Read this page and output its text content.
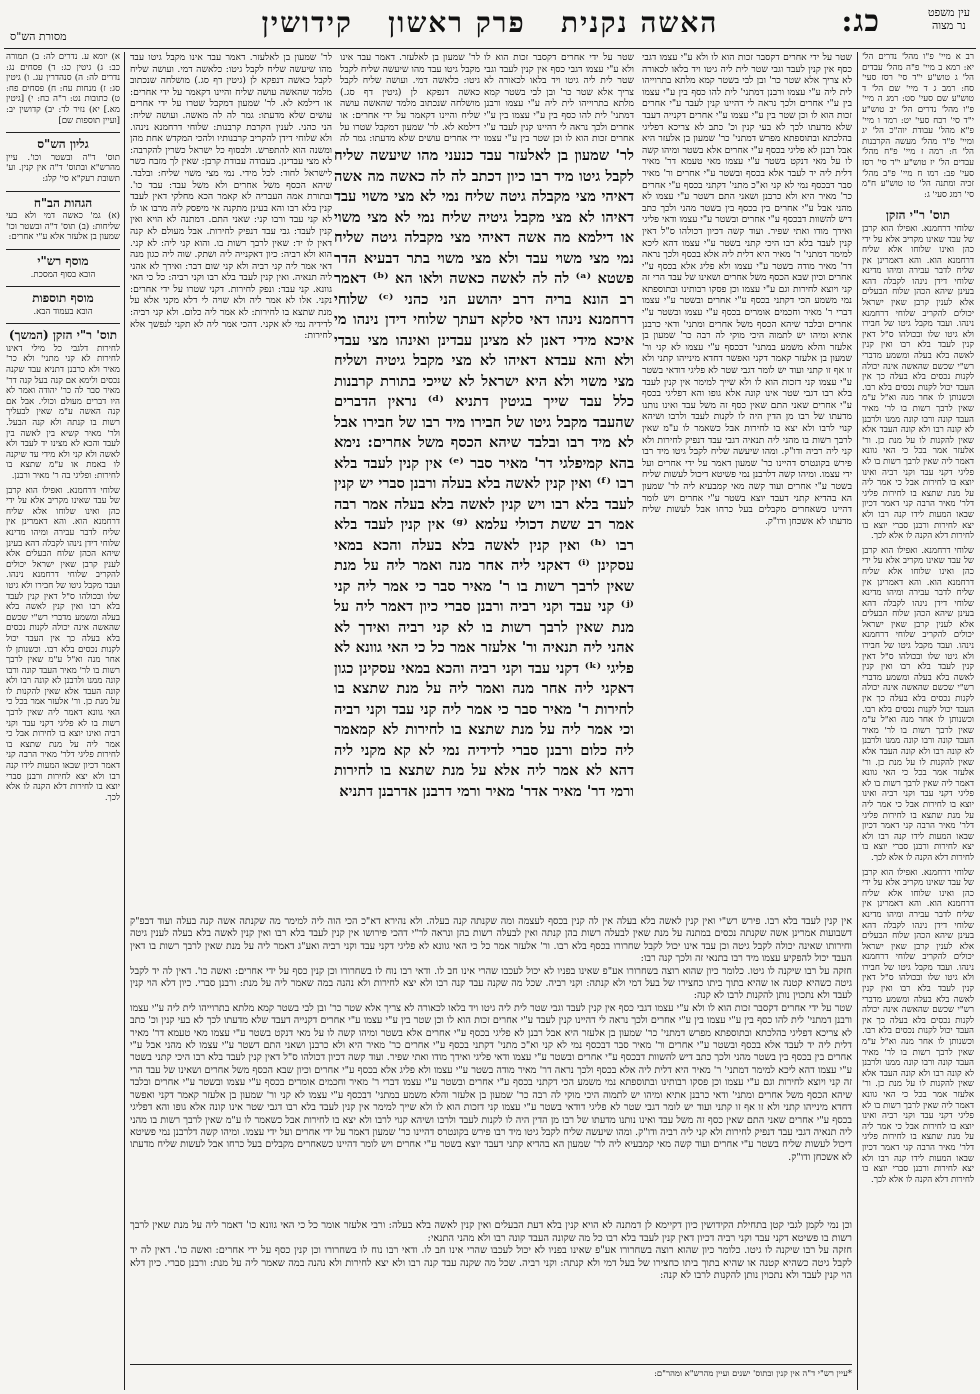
עין משפט
נר מצוה
כג:
האשה נקנית   פרק ראשון   קידושין
מסורת הש"ס

רב א מיי' פ"ו מהל' נדרים הל' יא: רמא ב מיי' פ"ה מהל' עבדים הל' ג טוש"ע י"ד סי' רסז סעי' סח: רמב ג ד מיי' שם הל' ד טוש"ע שם סעי' סט: רמג ה מיי' פ"ו מהל' נדרים הל' יב טוש"ע י"ד סי' רכח סעי' יט: רמד ו מיי' פ"א מהל' עבודת יוה"כ הל' יג ומיי' פ"ד מהל' מעשה הקרבנות הל' ח: רמה ז מיי' פ"ח מהל' עבדים הל' יז טוש"ע י"ד סי' רסז סעי' פב: רמו ח מיי' פ"ב מהל' זכיה ומתנה הל' טו טוש"ע ח"מ סי' רמג סעי' ג:

תוס' ר"י הזקן

שלוחי דרחמנא. ואפילו הוא קרבן של עבד שאינו מקריב אלא על ידי כהן ואינו שלוחו אלא שליח דרחמנא הוא. והא דאמרינן אין שליח לדבר עבירה ומיהו מדינא שלוחי דידן נינהו לקבלה דהא בעינן שיהא הכהן שלוח הבעלים אלא לענין קרבן שאין ישראל יכולים להקריב שלוחי דרחמנא נינהו. ועבד מקבל גיטו של חבירו ולא גיטו שלו ובכולהו ס"ל דאין קנין לעבד בלא רבו ואין קנין לאשה בלא בעלה ומשמע מדברי רש"י שכשם שהאשה אינה יכולה לקנות נכסים בלא בעלה כך אין העבד יכול לקנות נכסים בלא רבו. וכשנותן לו אחר מנה וא"ל ע"מ שאין לרבך רשות בו לר' מאיר העבד קונה ורבו קונה ממנו ולרבנן לא קונה רבו ולא קונה העבד אלא שאין להקנות לו על מנת כן. ור' אלעזר אמר בכל כי האי גוונא דאמר ליה שאין לרבך רשות בו לא פליגי דקני עבד וקני רביה ואינו יוצא בו לחירות אבל כי אמר ליה על מנת שתצא בו לחירות פליגי דלר' מאיר הרבה קני דאמר דכיון שבאו המעות לידו קנה רבו ולא יצא לחירות ורבנן סברי יוצא בו לחירות דלא הקנה לו אלא לכך.

שלוחי דרחמנא. ואפילו הוא קרבן של עבד שאינו מקריב אלא על ידי כהן ואינו שלוחו אלא שליח דרחמנא הוא. והא דאמרינן אין שליח לדבר עבירה ומיהו מדינא שלוחי דידן נינהו לקבלה דהא בעינן שיהא הכהן שלוח הבעלים אלא לענין קרבן שאין ישראל יכולים להקריב שלוחי דרחמנא נינהו. ועבד מקבל גיטו של חבירו ולא גיטו שלו ובכולהו ס"ל דאין קנין לעבד בלא רבו ואין קנין לאשה בלא בעלה ומשמע מדברי רש"י שכשם שהאשה אינה יכולה לקנות נכסים בלא בעלה כך אין העבד יכול לקנות נכסים בלא רבו. וכשנותן לו אחר מנה וא"ל ע"מ שאין לרבך רשות בו לר' מאיר העבד קונה ורבו קונה ממנו ולרבנן לא קונה רבו ולא קונה העבד אלא שאין להקנות לו על מנת כן. ור' אלעזר אמר בכל כי האי גוונא דאמר ליה שאין לרבך רשות בו לא פליגי דקני עבד וקני רביה ואינו יוצא בו לחירות אבל כי אמר ליה על מנת שתצא בו לחירות פליגי דלר' מאיר הרבה קני דאמר דכיון שבאו המעות לידו קנה רבו ולא יצא לחירות ורבנן סברי יוצא בו לחירות דלא הקנה לו אלא לכך.

שלוחי דרחמנא. ואפילו הוא קרבן של עבד שאינו מקריב אלא על ידי כהן ואינו שלוחו אלא שליח דרחמנא הוא. והא דאמרינן אין שליח לדבר עבירה ומיהו מדינא שלוחי דידן נינהו לקבלה דהא בעינן שיהא הכהן שלוח הבעלים אלא לענין קרבן שאין ישראל יכולים להקריב שלוחי דרחמנא נינהו. ועבד מקבל גיטו של חבירו ולא גיטו שלו ובכולהו ס"ל דאין קנין לעבד בלא רבו ואין קנין לאשה בלא בעלה ומשמע מדברי רש"י שכשם שהאשה אינה יכולה לקנות נכסים בלא בעלה כך אין העבד יכול לקנות נכסים בלא רבו. וכשנותן לו אחר מנה וא"ל ע"מ שאין לרבך רשות בו לר' מאיר העבד קונה ורבו קונה ממנו ולרבנן לא קונה רבו ולא קונה העבד אלא שאין להקנות לו על מנת כן. ור' אלעזר אמר בכל כי האי גוונא דאמר ליה שאין לרבך רשות בו לא פליגי דקני עבד וקני רביה ואינו יוצא בו לחירות אבל כי אמר ליה על מנת שתצא בו לחירות פליגי דלר' מאיר הרבה קני דאמר דכיון שבאו המעות לידו קנה רבו ולא יצא לחירות ורבנן סברי יוצא בו לחירות דלא הקנה לו אלא לכך.

שטר על ידי אחרים דקסבר זכות הוא לו ולא ע"י עצמו דגבי כסף אין קנין לעבד וגבי שטר לית ליה גיטו ויד בלאו לכאורה לא צריך אלא שטר כר' ובן לבי בשטר קמא מלתא בתרוייהו לית ליה ע"י עצמו ורבנן דמתני' לית להו כסף בין ע"י עצמו בין ע"י אחרים ולכך נראה לי דהיינו קנין לעבד ע"י אחרים זכות הוא לו וכן שטר בין ע"י עצמו ע"י אחרים דקנייה דעבד שלא מדעתו לכך לא בעי קנין וכ' כתב לא צריכא דפליגי בהלכתא ובתוספתא מפרש דמתני' כר' שמעון בן אלעזר היא אבל רבנן לא פליגי בכסף ע"י אחרים אלא בשטר ומיהו קשה לו על מאי דנקט בשטר ע"י עצמו מאי טעמא דר' מאיר דלית ליה יד לעבד אלא בכסף ובשטר ע"י אחרים ור' מאיר סבר דבכסף נמי לא קני וא"כ מתני' דקתני בכסף ע"י אחרים כר' מאיר היא ולא כרבנן ושאני התם דשטר ע"י עצמו לא מהני אבל ע"י אחרים בין בכסף בין בשטר מהני ולכך כתב דיש להשוות דבכסף ע"י אחרים ובשטר ע"י עצמו ודאי פליגי ואידך מודו ואתי שפיר. ועוד קשה דכיון דכולהו ס"ל דאין קנין לעבד בלא רבו היכי קתני בשטר ע"י עצמו דהא ליכא למימר דמתני' ר' מאיר היא דלית ליה אלא בכסף ולכך נראה דר' מאיר מודה בשטר ע"י עצמו ולא פליג אלא בכסף ע"י אחרים וכיון שבא הכסף משל אחרים ושאינו של עבד הרי זה קני ויוצא לחירות וגם ע"י עצמו וכן פסקו רבותינו ובתוספתא נמי משמע הכי דקתני בכסף ע"י אחרים ובשטר ע"י עצמו דברי ר' מאיר וחכמים אומרים בכסף ע"י עצמו ובשטר ע"י אחרים ובלבד שיהא הכסף משל אחרים ומתני' ודאי כרבנן אתיא ומיהו יש לתמוה היכי מוקי לה רבה כר' שמעון בן אלעזר והלא משמע במתני' דבכסף ע"י עצמו לא קני ור' שמעון בן אלעזר קאמר דקני ואפשר דחדא מינייהו קתני ולא זו אף זו קתני ועוד יש לומר דגבי שטר לא פליגי דודאי בשטר ע"י עצמו קני דזכות הוא לו ולא שייך למימר אין קנין לעבד בלא רבו דגבי שטר אינו קונה אלא גופו והא דפליגי בכסף ע"י אחרים שאני התם שאין כסף זה משל עבד ואינו נותנו מדעתו של רבו מן הדין היה לו לקנות לעבד ולרבו ושיהא קנוי לרבו ולא יצא בו לחירות אבל כשאמר לו ע"מ שאין לרבך רשות בו מהני ליה תנאיה דגבי עבד דנפיק לחירות ולא קני ליה רביה ודו"ק. ומהו שיעשה שליח לקבל גיטו מיד רבו פירש בקונטרס דהיינו כר' שמעון דאמר על ידי אחרים ועל ידי עצמו. ומיהו קשה דלרבנן נמי פשיטא דיכול לעשות שליח בשטר ע"י אחרים ועוד קשה מאי קמבעיא ליה לר' שמעון הא בהדיא קתני דעבד יוצא בשטר ע"י אחרים ויש לומר דהיינו כשאחרים מקבלים בעל כרחו אבל לעשות שליח מדעתו לא אשכחן ודו"ק.

לר' שמעון בן לאלעזר עבד כנעני מהו שיעשה שליח לקבל גיטו מיד רבו כיון דכתב לה לה כאשה מה אשה דאיהי מצי מקבלה גיטה שליח נמי לא מצי משוי עבד דאיהו לא מצי מקבל גיטיה שליח נמי לא מצי משוי או דילמא מה אשה דאיהי מצי מקבלה גיטה שליח נמי מצי משוי עבד ולא מצי משוי בתר דבעיא הדר פשטא ⁽ᵃ⁾ לה לה לאשה כאשה ולאו הא ⁽ᵇ⁾ דאמר רב הונא בריה דרב יהושע הני כהני ⁽ᶜ⁾ שלוחי דרחמנא נינהו דאי סלקא דעתך שלוחי דידן נינהו מי איכא מידי דאנן לא מצינן עבדינן ואינהו מצי עבדי ולא והא עבדא דאיהו לא מצי מקבל גיטיה ושליח מצי משוי ולא היא ישראל לא שייכי בתורת קרבנות כלל עבד שייך בגיטין דתניא ⁽ᵈ⁾ נראין הדברים שהעבד מקבל גיטו של חבירו מיד רבו של חבירו אבל לא מיד רבו ובלבד שיהא הכסף משל אחרים: נימא בהא קמיפלגי דר' מאיר סבר ⁽ᵉ⁾ אין קנין לעבד בלא רבו ⁽ᶠ⁾ ואין קנין לאשה בלא בעלה ורבנן סברי יש קנין לעבד בלא רבו ויש קנין לאשה בלא בעלה אמר רבה אמר רב ששת דכולי עלמא ⁽ᵍ⁾ אין קנין לעבד בלא רבו ⁽ʰ⁾ ואין קנין לאשה בלא בעלה והכא במאי עסקינן ⁽ⁱ⁾ דאקני ליה אחר מנה ואמר ליה על מנת שאין לרבך רשות בו ר' מאיר סבר כי אמר ליה קני ⁽ʲ⁾ קני עבד וקני רביה ורבנן סברי כיון דאמר ליה על מנת שאין לרבך רשות בו לא קני רביה ואידך לא אהני ליה תנאיה ור' אלעזר אמר כל כי האי גוונא לא פליגי ⁽ᵏ⁾ דקני עבד וקני רביה והכא במאי עסקינן כגון דאקני ליה אחר מנה ואמר ליה על מנת שתצא בו לחירות ר' מאיר סבר כי אמר ליה קני עבד וקני רביה וכי אמר ליה על מנת שתצא בו לחירות לא קמאמר ליה כלום ורבנן סברי לדידיה נמי לא קא מקני ליה דהא לא אמר ליה אלא על מנת שתצא בו לחירות ורמי דר' מאיר אדר' מאיר ורמי דרבנן אדרבנן דתניא

לר' שמעון בן לאלעזר. דאמר עבד אינו מקבל גיטו עבד מהו שיעשה שליח לקבל גיטו: כלאשה דמי. ועושה שליח לקבל כאשה דנפקא לן (גיטין דף סג.) מושלחה שנכתוב מלמד שהאשה עושה שליח והיינו דקאמר על ידי אחרים: או דילמא לא. לר' שמעון דמקבל שטרו על ידי אחרים עושים שלא מדעתו: גמר לה לה מאשה. ועושה שליח: הני כהני. לענין הקרבת קרבנות: שלוחי דרחמנא נינהו. ולא שלוחי דידן להקריב קרבנותיו ולהכי המקדש אחת מהן ומשנה הוא להתפרש. ולבסוף כל ישראל כשרין להקרבה: לא מצי עבדינן. בעבודה עבודת קרבן: שאין לך מזבח כשר לישראל לחוד: לכל מידי. נמי מצי משוי שליח: ובלבד. שיהא הכסף משל אחרים ולא משל עבד: עבד כו'. ובתורת אמה העבריה לא קאמר הכא מחלקי דאין לעבד קנין בלא רבו והא בעינן מתקנה אי מיפסק ליה מרבו או לו לא קני עבד ורבו קני: שאני התם. דמתנה לא הויא ואין קנין לעבד: גבי עבד דנפיק לחירות. אבל מעולם לא קנה דאין לו יד: שאין לרבך רשות בו. והוא קני ליה: לא קני. הוא ולא רביה: כיון דאקנייה ליה ושתק. שוה ליה כגון מנה דאי אמר ליה קני רביה ולא קני שום דבר: ואידך לא אהני ליה תנאיה. ואין קנין לעבד בלא רבו וקני רביה: כל כי האי גוונא. קני עבד: ונפק לחירות. דקני שטרו על ידי אחרים: נקני. אלו לא אמר ליה ולא שויה לי דלא מקני אלא על מנת שתצא בו לחירות: לא אמר ליה כלום. ולא קני רביה: לדידיה נמי לא אקני. דהכי אמר ליה לא תקני לנפשך אלא לחירות:

שטר על ידי אחרים דקסבר זכות הוא לו ולא ע"י עצמו דגבי כסף אין קנין לעבד וגבי שטר לית ליה גיטו ויד בלאו לכאורה לא צריך אלא שטר כר' ובן לבי בשטר קמא מלתא בתרוייהו לית ליה ע"י עצמו ורבנן דמתני' לית להו כסף בין ע"י עצמו בין ע"י אחרים ולכך נראה לי דהיינו קנין לעבד ע"י אחרים זכות הוא לו וכן שטר בין ע"י עצמו

לר' שמעון בן לאלעזר. דאמר עבד אינו מקבל גיטו עבד מהו שיעשה שליח לקבל גיטו: כלאשה דמי. ועושה שליח לקבל כאשה דנפקא לן (גיטין דף סג.) מושלחה שנכתוב מלמד שהאשה עושה שליח והיינו דקאמר על ידי אחרים: או דילמא לא. לר' שמעון דמקבל שטרו על ידי אחרים עושים שלא מדעתו: גמר לה

א) יומא ע. נדרים לה: ב) תמורה כב: ג) גיטין כג: ד) פסחים נג: נדרים לה: ה) סנהדרין עג. ו) גיטין סג: ז) מנחות עח: ח) פסחים פח: ט) כתובות נט: ר"ה כח: י) [גיטין מא.] יא) נזיר לד: יב) קדושין יב: [ועיין תוספות שם]

גליון הש"ס

תוס' ד"ה ובשטר וכו'. עיין מהרש"א ובתוס' ד"ה אין קנין. וע' תשובת רעק"א סי' קלג:

הגהות הב"ח

(א) גמ' כאשה דמי ולא בעי שליחות: (ב) תוס' ד"ה ובשטר וכו' שמעון בן אלעזר אלא ע"י אחרים:

מוסף רש"י

הובא בסוף המסכת.

מוסף תוספות

הובא בעמוד הבא.

תוס' ר"י הזקן (המשך)

לחירות דלגבי כל מילי דאינו לחירות לא קני מתני' ולא כר' מאיר ולא כרבנן דתניא עבד שקנה נכסים ולימא אם קנה בעל קנה דר' מאיר סבר לה כר' יהודה ואמר לא היו דברים מעולם וכולי. אבל אם קנה האשה ע"מ שאין לבעליך רשות בו קנתה ולא קנה הבעל. ולר' מאיר קשיא בין לאשה בין לעבד והכא לא מצינו יד לעבד ולא לאשה ולא קני ולא מידי עד שיקנה לו באמת או ע"מ שתצא בו לחירות: ופליגי בה ר' מאיר ורבנן.

שלוחי דרחמנא. ואפילו הוא קרבן של עבד שאינו מקריב אלא על ידי כהן ואינו שלוחו אלא שליח דרחמנא הוא. והא דאמרינן אין שליח לדבר עבירה ומיהו מדינא שלוחי דידן נינהו לקבלה דהא בעינן שיהא הכהן שלוח הבעלים אלא לענין קרבן שאין ישראל יכולים להקריב שלוחי דרחמנא נינהו. ועבד מקבל גיטו של חבירו ולא גיטו שלו ובכולהו ס"ל דאין קנין לעבד בלא רבו ואין קנין לאשה בלא בעלה ומשמע מדברי רש"י שכשם שהאשה אינה יכולה לקנות נכסים בלא בעלה כך אין העבד יכול לקנות נכסים בלא רבו. וכשנותן לו אחר מנה וא"ל ע"מ שאין לרבך רשות בו לר' מאיר העבד קונה ורבו קונה ממנו ולרבנן לא קונה רבו ולא קונה העבד אלא שאין להקנות לו על מנת כן. ור' אלעזר אמר בכל כי האי גוונא דאמר ליה שאין לרבך רשות בו לא פליגי דקני עבד וקני רביה ואינו יוצא בו לחירות אבל כי אמר ליה על מנת שתצא בו לחירות פליגי דלר' מאיר הרבה קני דאמר דכיון שבאו המעות לידו קנה רבו ולא יצא לחירות ורבנן סברי יוצא בו לחירות דלא הקנה לו אלא לכך.

אין קנין לעבד בלא רבו. פירש רש"י ואין קנין לאשה בלא בעלה אין לה קנין בכסף לעצמה ומה שקנתה קנה בעלה. ולא נהירא דא"כ הכי הוה ליה למימר מה שקנתה אשה קנה בעלה ועוד דבפ"ק דשבועות אמרינן אשה שקנתה נכסים במתנה על מנת שאין לבעלה רשות בהן קנתה ואין לבעלה רשות בהן ונראה לר"י דהכי פירושו אין קנין לעבד בלא רבו ואין קנין לאשה בלא בעלה לענין גיטה וחירותו שאינה יכולה לקבל גיטה וכן עבד אינו יכול לקבל שחרורו בכסף בלא רבו. ור' אלעזר אמר כל כי האי גוונא לא פליגי דקני עבד וקני רביה ואע"ג דאמר ליה על מנת שאין לרבך רשות בו דאין העבד יכול להפקיע עצמו מיד רבו בתנאי זה ולכך קנה רבו:

חזקה על רבו שיקנה לו גיטו. כלומר כיון שהוא רוצה בשחרורו אע"פ שאינו בפניו לא יכול לעכבו שהרי אינו חב לו. ודאי רבו נוח לו בשחרורו וכן קנין כסף על ידי אחרים: ואשה כו'. דאין לה יד לקבל גיטה כשהיא קטנה או שהיא בתוך ביתו כחצירו של בעל דמי ולא קנתה: וקני רביה. שכל מה שקנה עבד קנה רבו ולא יצא לחירות ולא נהנה במה שאמר ליה על מנת: ורבנן סברי. כיון דלא הוי קנין לעבד ולא נתכוין נותן להקנות לרבו לא קנה:

שטר על ידי אחרים דקסבר זכות הוא לו ולא ע"י עצמו דגבי כסף אין קנין לעבד וגבי שטר לית ליה גיטו ויד בלאו לכאורה לא צריך אלא שטר כר' ובן לבי בשטר קמא מלתא בתרוייהו לית ליה ע"י עצמו ורבנן דמתני' לית להו כסף בין ע"י עצמו בין ע"י אחרים ולכך נראה לי דהיינו קנין לעבד ע"י אחרים זכות הוא לו וכן שטר בין ע"י עצמו ע"י אחרים דקנייה דעבד שלא מדעתו לכך לא בעי קנין וכ' כתב לא צריכא דפליגי בהלכתא ובתוספתא מפרש דמתני' כר' שמעון בן אלעזר היא אבל רבנן לא פליגי בכסף ע"י אחרים אלא בשטר ומיהו קשה לו על מאי דנקט בשטר ע"י עצמו מאי טעמא דר' מאיר דלית ליה יד לעבד אלא בכסף ובשטר ע"י אחרים ור' מאיר סבר דבכסף נמי לא קני וא"כ מתני' דקתני בכסף ע"י אחרים כר' מאיר היא ולא כרבנן ושאני התם דשטר ע"י עצמו לא מהני אבל ע"י אחרים בין בכסף בין בשטר מהני ולכך כתב דיש להשוות דבכסף ע"י אחרים ובשטר ע"י עצמו ודאי פליגי ואידך מודו ואתי שפיר. ועוד קשה דכיון דכולהו ס"ל דאין קנין לעבד בלא רבו היכי קתני בשטר ע"י עצמו דהא ליכא למימר דמתני' ר' מאיר היא דלית ליה אלא בכסף ולכך נראה דר' מאיר מודה בשטר ע"י עצמו ולא פליג אלא בכסף ע"י אחרים וכיון שבא הכסף משל אחרים ושאינו של עבד הרי זה קני ויוצא לחירות וגם ע"י עצמו וכן פסקו רבותינו ובתוספתא נמי משמע הכי דקתני בכסף ע"י אחרים ובשטר ע"י עצמו דברי ר' מאיר וחכמים אומרים בכסף ע"י עצמו ובשטר ע"י אחרים ובלבד שיהא הכסף משל אחרים ומתני' ודאי כרבנן אתיא ומיהו יש לתמוה היכי מוקי לה רבה כר' שמעון בן אלעזר והלא משמע במתני' דבכסף ע"י עצמו לא קני ור' שמעון בן אלעזר קאמר דקני ואפשר דחדא מינייהו קתני ולא זו אף זו קתני ועוד יש לומר דגבי שטר לא פליגי דודאי בשטר ע"י עצמו קני דזכות הוא לו ולא שייך למימר אין קנין לעבד בלא רבו דגבי שטר אינו קונה אלא גופו והא דפליגי בכסף ע"י אחרים שאני התם שאין כסף זה משל עבד ואינו נותנו מדעתו של רבו מן הדין היה לו לקנות לעבד ולרבו ושיהא קנוי לרבו ולא יצא בו לחירות אבל כשאמר לו ע"מ שאין לרבך רשות בו מהני ליה תנאיה דגבי עבד דנפיק לחירות ולא קני ליה רביה ודו"ק. ומהו שיעשה שליח לקבל גיטו מיד רבו פירש בקונטרס דהיינו כר' שמעון דאמר על ידי אחרים ועל ידי עצמו. ומיהו קשה דלרבנן נמי פשיטא דיכול לעשות שליח בשטר ע"י אחרים ועוד קשה מאי קמבעיא ליה לר' שמעון הא בהדיא קתני דעבד יוצא בשטר ע"י אחרים ויש לומר דהיינו כשאחרים מקבלים בעל כרחו אבל לעשות שליח מדעתו לא אשכחן ודו"ק.

וכן נמי לקמן לגבי קטן בתחילת הקידושין כיון דקיימא לן דמתנה לא הויא קנין בלא דעת הבעלים ואין קנין לאשה בלא בעלה: ורבי אלעזר אומר כל כי האי גוונא כו' דאמר ליה על מנת שאין לרבך רשות בו פשיטא דקני עבד וקני רביה דכיון דאין קנין לעבד בלא רבו כל מה שקונה העבד קונה רבו ולא מהני התנאי:

חזקה על רבו שיקנה לו גיטו. כלומר כיון שהוא רוצה בשחרורו אע"פ שאינו בפניו לא יכול לעכבו שהרי אינו חב לו. ודאי רבו נוח לו בשחרורו וכן קנין כסף על ידי אחרים: ואשה כו'. דאין לה יד לקבל גיטה כשהיא קטנה או שהיא בתוך ביתו כחצירו של בעל דמי ולא קנתה: וקני רביה. שכל מה שקנה עבד קנה רבו ולא יצא לחירות ולא נהנה במה שאמר ליה על מנת: ורבנן סברי. כיון דלא הוי קנין לעבד ולא נתכוין נותן להקנות לרבו לא קנה:

*עיין רש"י ד"ה אין קנין ובתוס' ישנים ועיין מהרש"א ומהר"ם:
